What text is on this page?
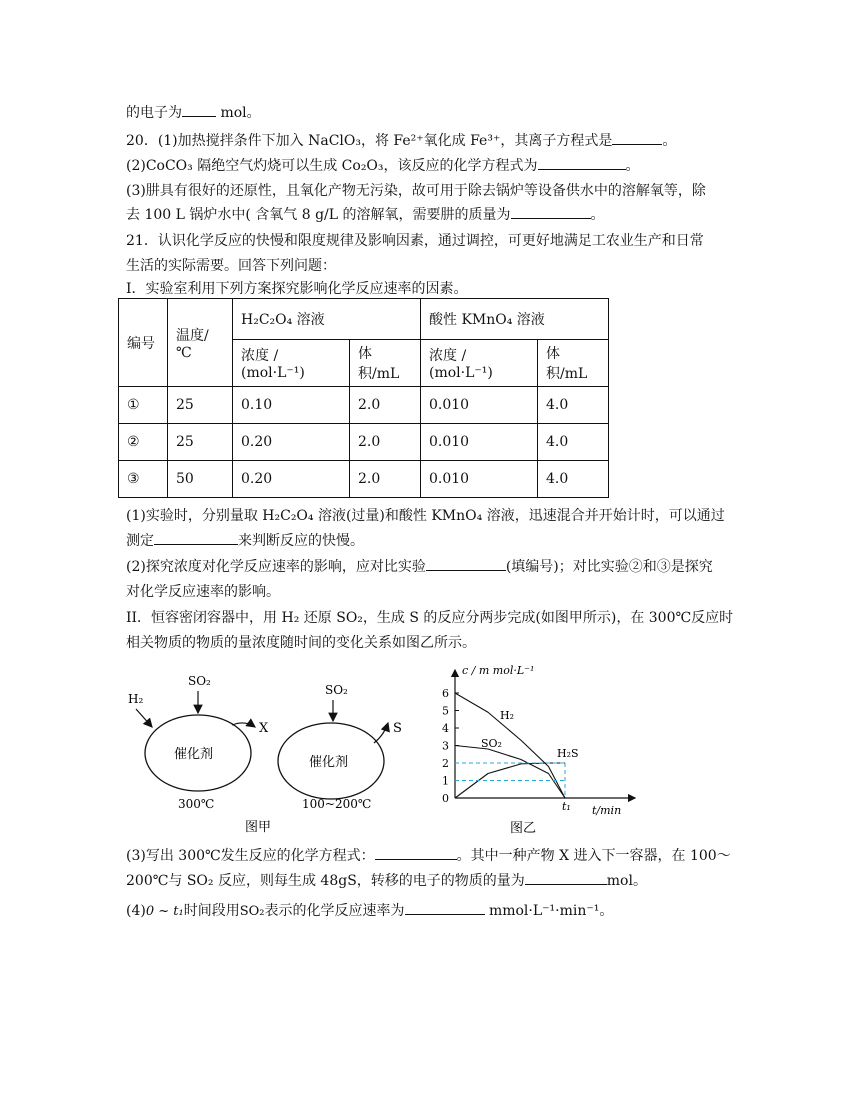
的电子为	mol。
20．(1)加热搅拌条件下加入 NaClO₃，将 Fe²⁺氧化成 Fe³⁺，其离子方程式是	。
(2)CoCO₃ 隔绝空气灼烧可以生成 Co₂O₃，该反应的化学方程式为	。
(3)肼具有很好的还原性，且氧化产物无污染，故可用于除去锅炉等设备供水中的溶解氧等，除
去 100 L 锅炉水中( 含氧气 8 g/L 的溶解氧，需要肼的质量为	。
21．认识化学反应的快慢和限度规律及影响因素，通过调控，可更好地满足工农业生产和日常
生活的实际需要。回答下列问题：
I．实验室利用下列方案探究影响化学反应速率的因素。
编号	温度/℃	H₂C₂O₄ 溶液		酸性 KMnO₄ 溶液	
		浓度 / (mol·L⁻¹)	体积/mL	浓度 / (mol·L⁻¹)	体积/mL
①	25	0.10	2.0	0.010	4.0
②	25	0.20	2.0	0.010	4.0
③	50	0.20	2.0	0.010	4.0
(1)实验时，分别量取 H₂C₂O₄ 溶液(过量)和酸性 KMnO₄ 溶液，迅速混合并开始计时，可以通过
测定	来判断反应的快慢。
(2)探究浓度对化学反应速率的影响，应对比实验	(填编号)；对比实验②和③是探究
对化学反应速率的影响。
II．恒容密闭容器中，用 H₂ 还原 SO₂，生成 S 的反应分两步完成(如图甲所示)，在 300℃反应时
相关物质的物质的量浓度随时间的变化关系如图乙所示。
H₂
SO₂
催化剂
300℃
X
SO₂
催化剂
100~200℃
S
图甲
c / m mol·L⁻¹
t/min
t₁
0
1
2
3
4
5
6
H₂
SO₂
H₂S
图乙
(3)写出 300℃发生反应的化学方程式：	。其中一种产物 X 进入下一容器，在 100～
200℃与 SO₂ 反应，则每生成 48gS，转移的电子的物质的量为	mol。
(4)0 ~ t₁时间段用SO₂表示的化学反应速率为	mmol·L⁻¹·min⁻¹。
